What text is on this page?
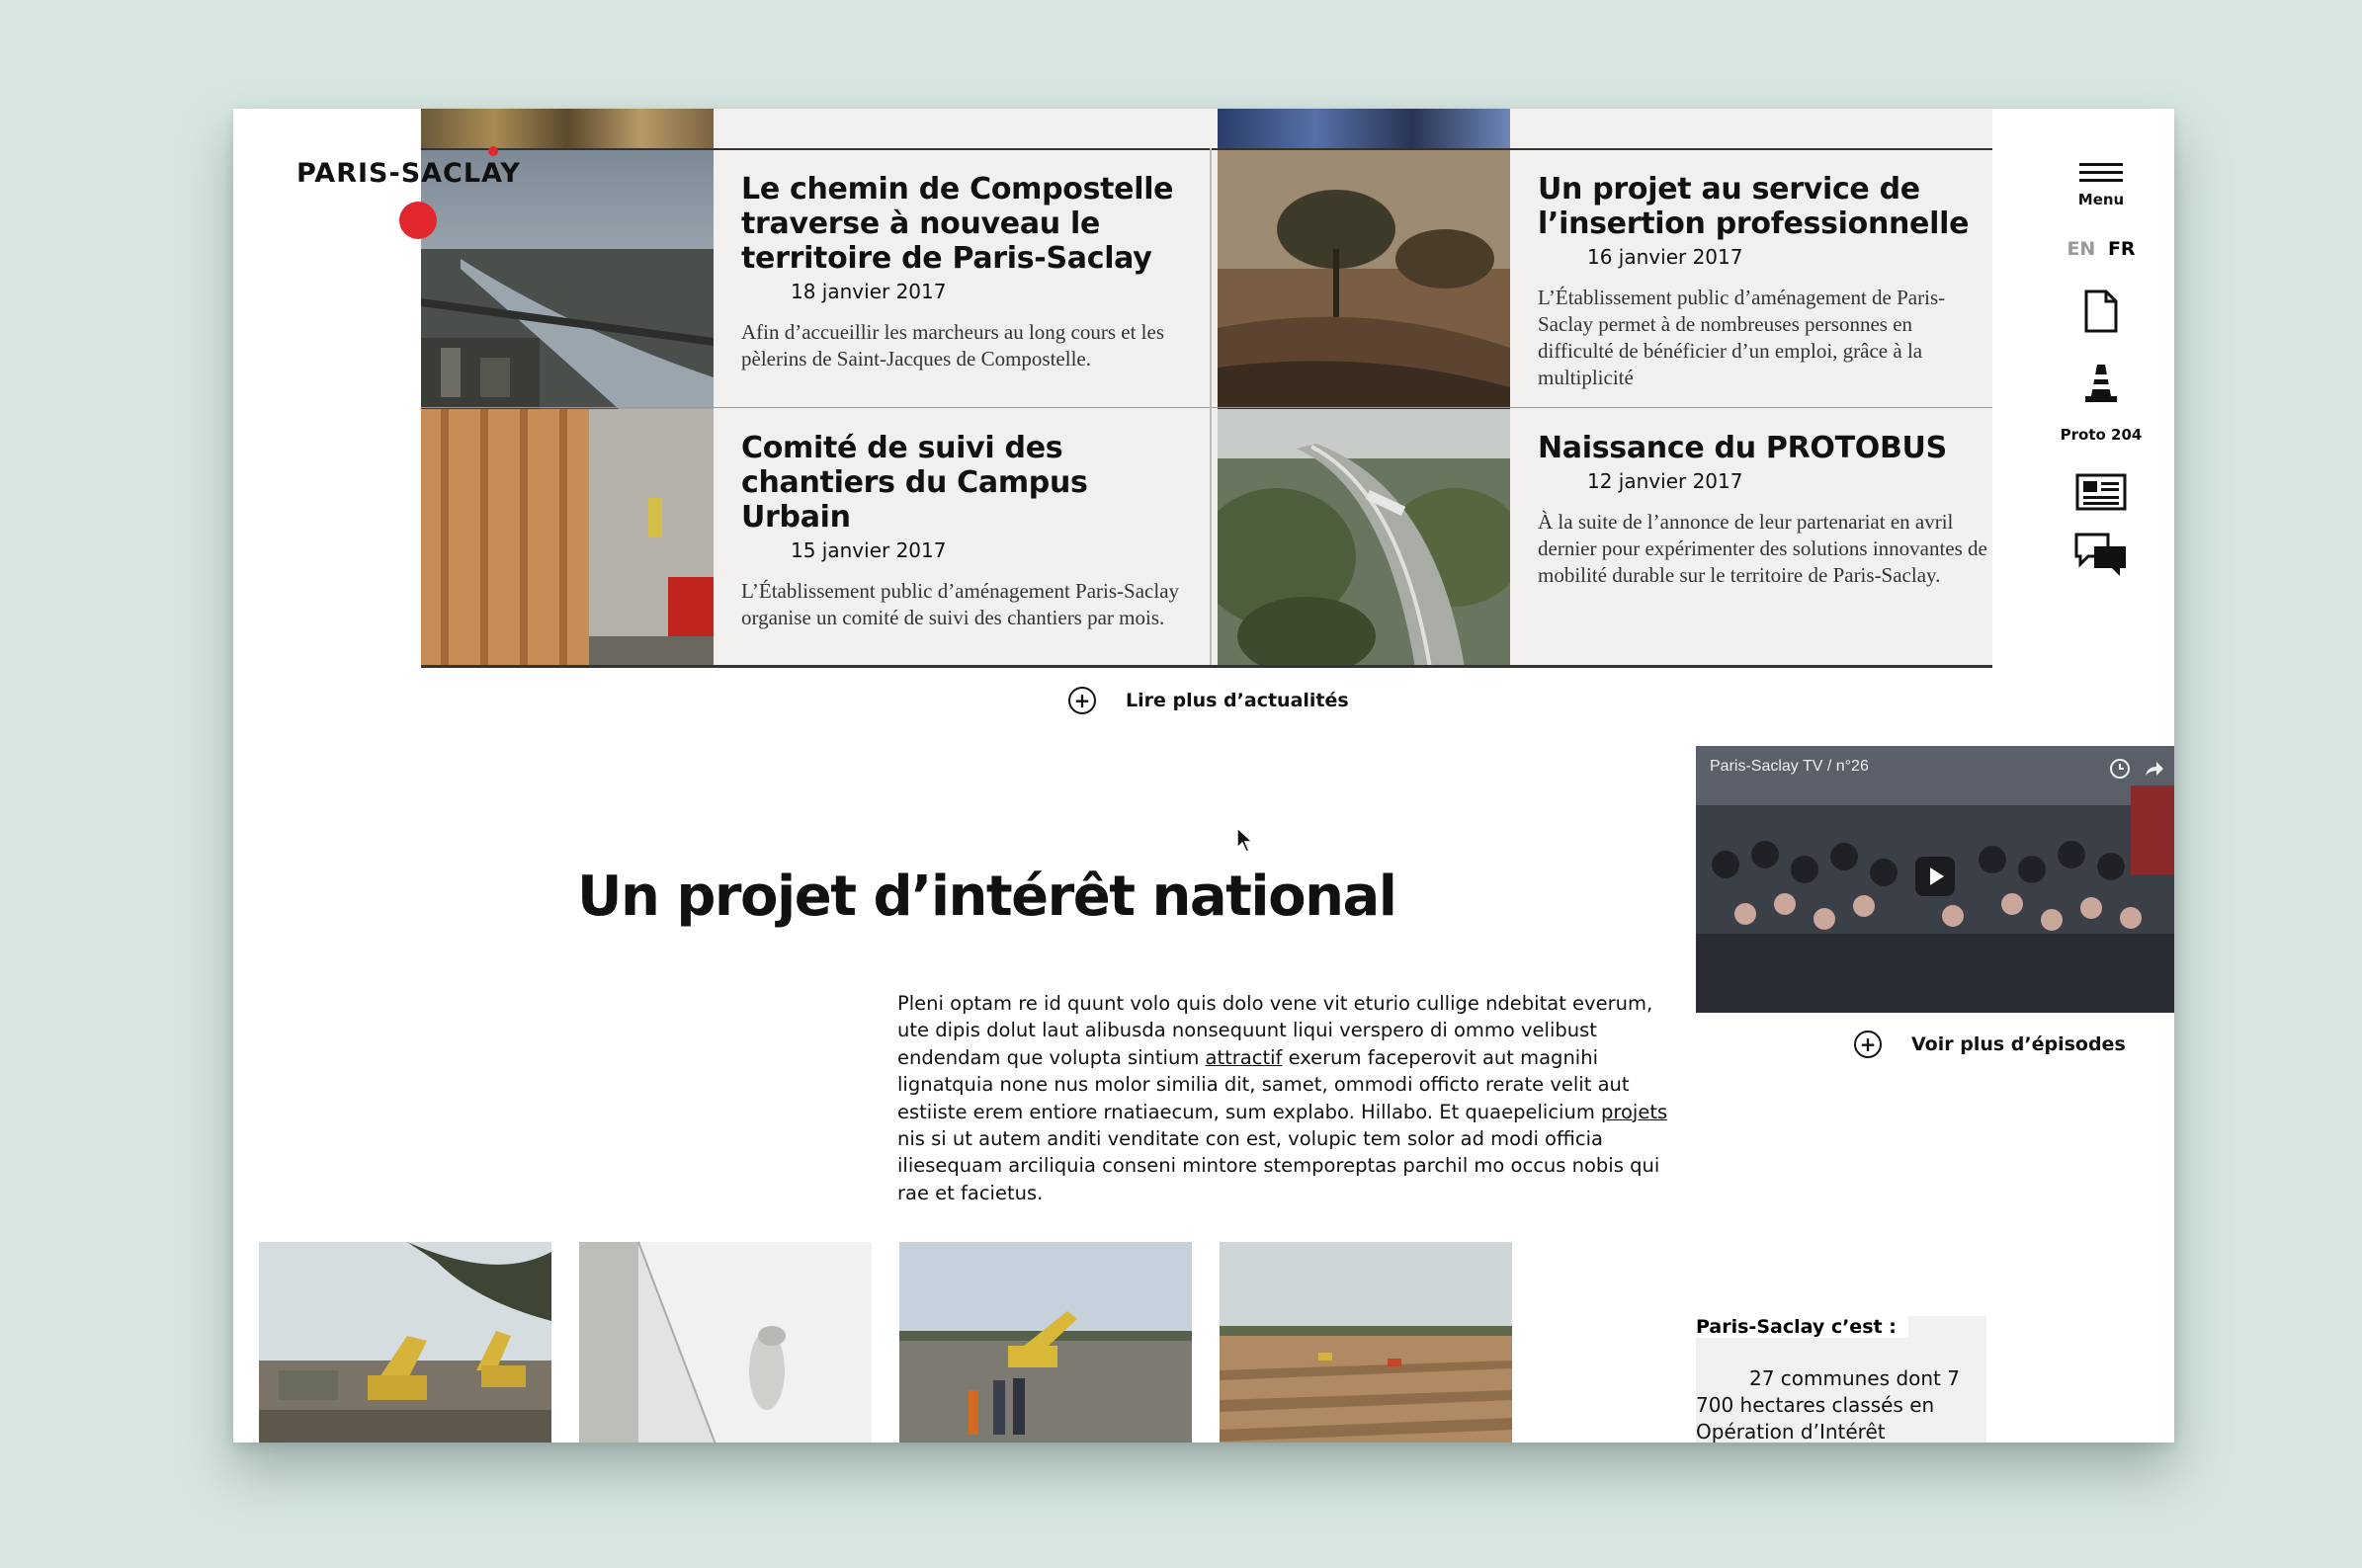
Le chemin de Compostelle traverse à nouveau le territoire de Paris-Saclay
18 janvier 2017
Afin d’accueillir les marcheurs au long cours et les pèlerins de Saint-Jacques de Compostelle.
Un projet au service de l’insertion professionnelle
16 janvier 2017
L’Établissement public d’aménagement de Paris-Saclay permet à de nombreuses personnes en difficulté de bénéficier d’un emploi, grâce à la multiplicité
Comité de suivi des chantiers du Campus Urbain
15 janvier 2017
L’Établissement public d’aménagement Paris-Saclay organise un comité de suivi des chantiers par mois.
Naissance du PROTOBUS
12 janvier 2017
À la suite de l’annonce de leur partenariat en avril dernier pour expérimenter des solutions innovantes de mobilité durable sur le territoire de Paris-Saclay.
PARIS-SACLAY
+ Lire plus d’actualités
Menu
EN FR
Proto 204
Un projet d’intérêt national
Pleni optam re id quunt volo quis dolo vene vit eturio cullige ndebitat everum, ute dipis dolut laut alibusda nonsequunt liqui verspero di ommo velibust endendam que volupta sintium attractif exerum faceperovit aut magnihi lignatquia none nus molor similia dit, samet, ommodi officto rerate velit aut estiiste erem entiore rnatiaecum, sum explabo. Hillabo. Et quaepelicium projets nis si ut autem anditi venditate con est, volupic tem solor ad modi officia iliesequam arciliquia conseni mintore stemporeptas parchil mo occus nobis qui rae et facietus.
Paris-Saclay TV / n°26
+ Voir plus d’épisodes
Paris-Saclay c’est :
27 communes dont 7 700 hectares classés en Opération d’Intérêt
